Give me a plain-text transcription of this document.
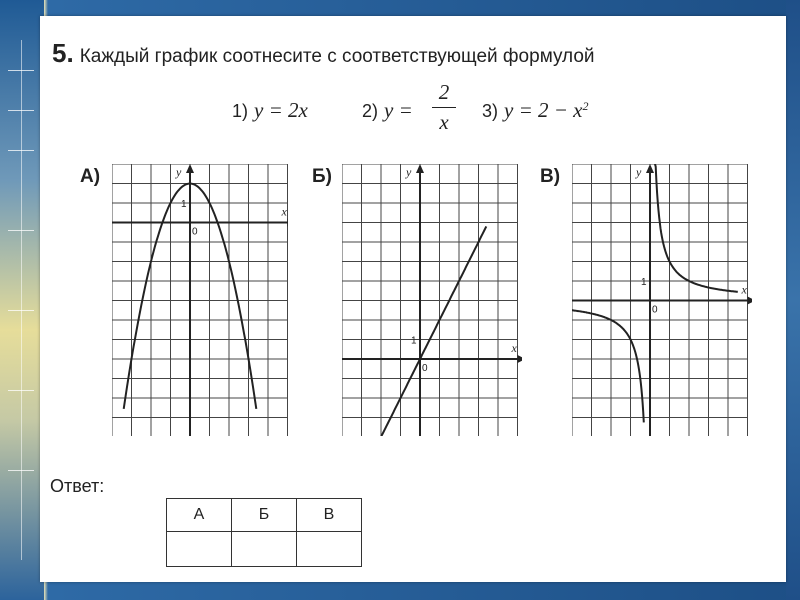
5. Каждый график соотнесите с соответствующей формулой
1) y = 2x	2) y =
2
x	3) $y = 2 - x^2$
А)
x
y
0
1
Б)
x
y
0
1
В)
x
y
0
1
Ответ:
А	Б	В
